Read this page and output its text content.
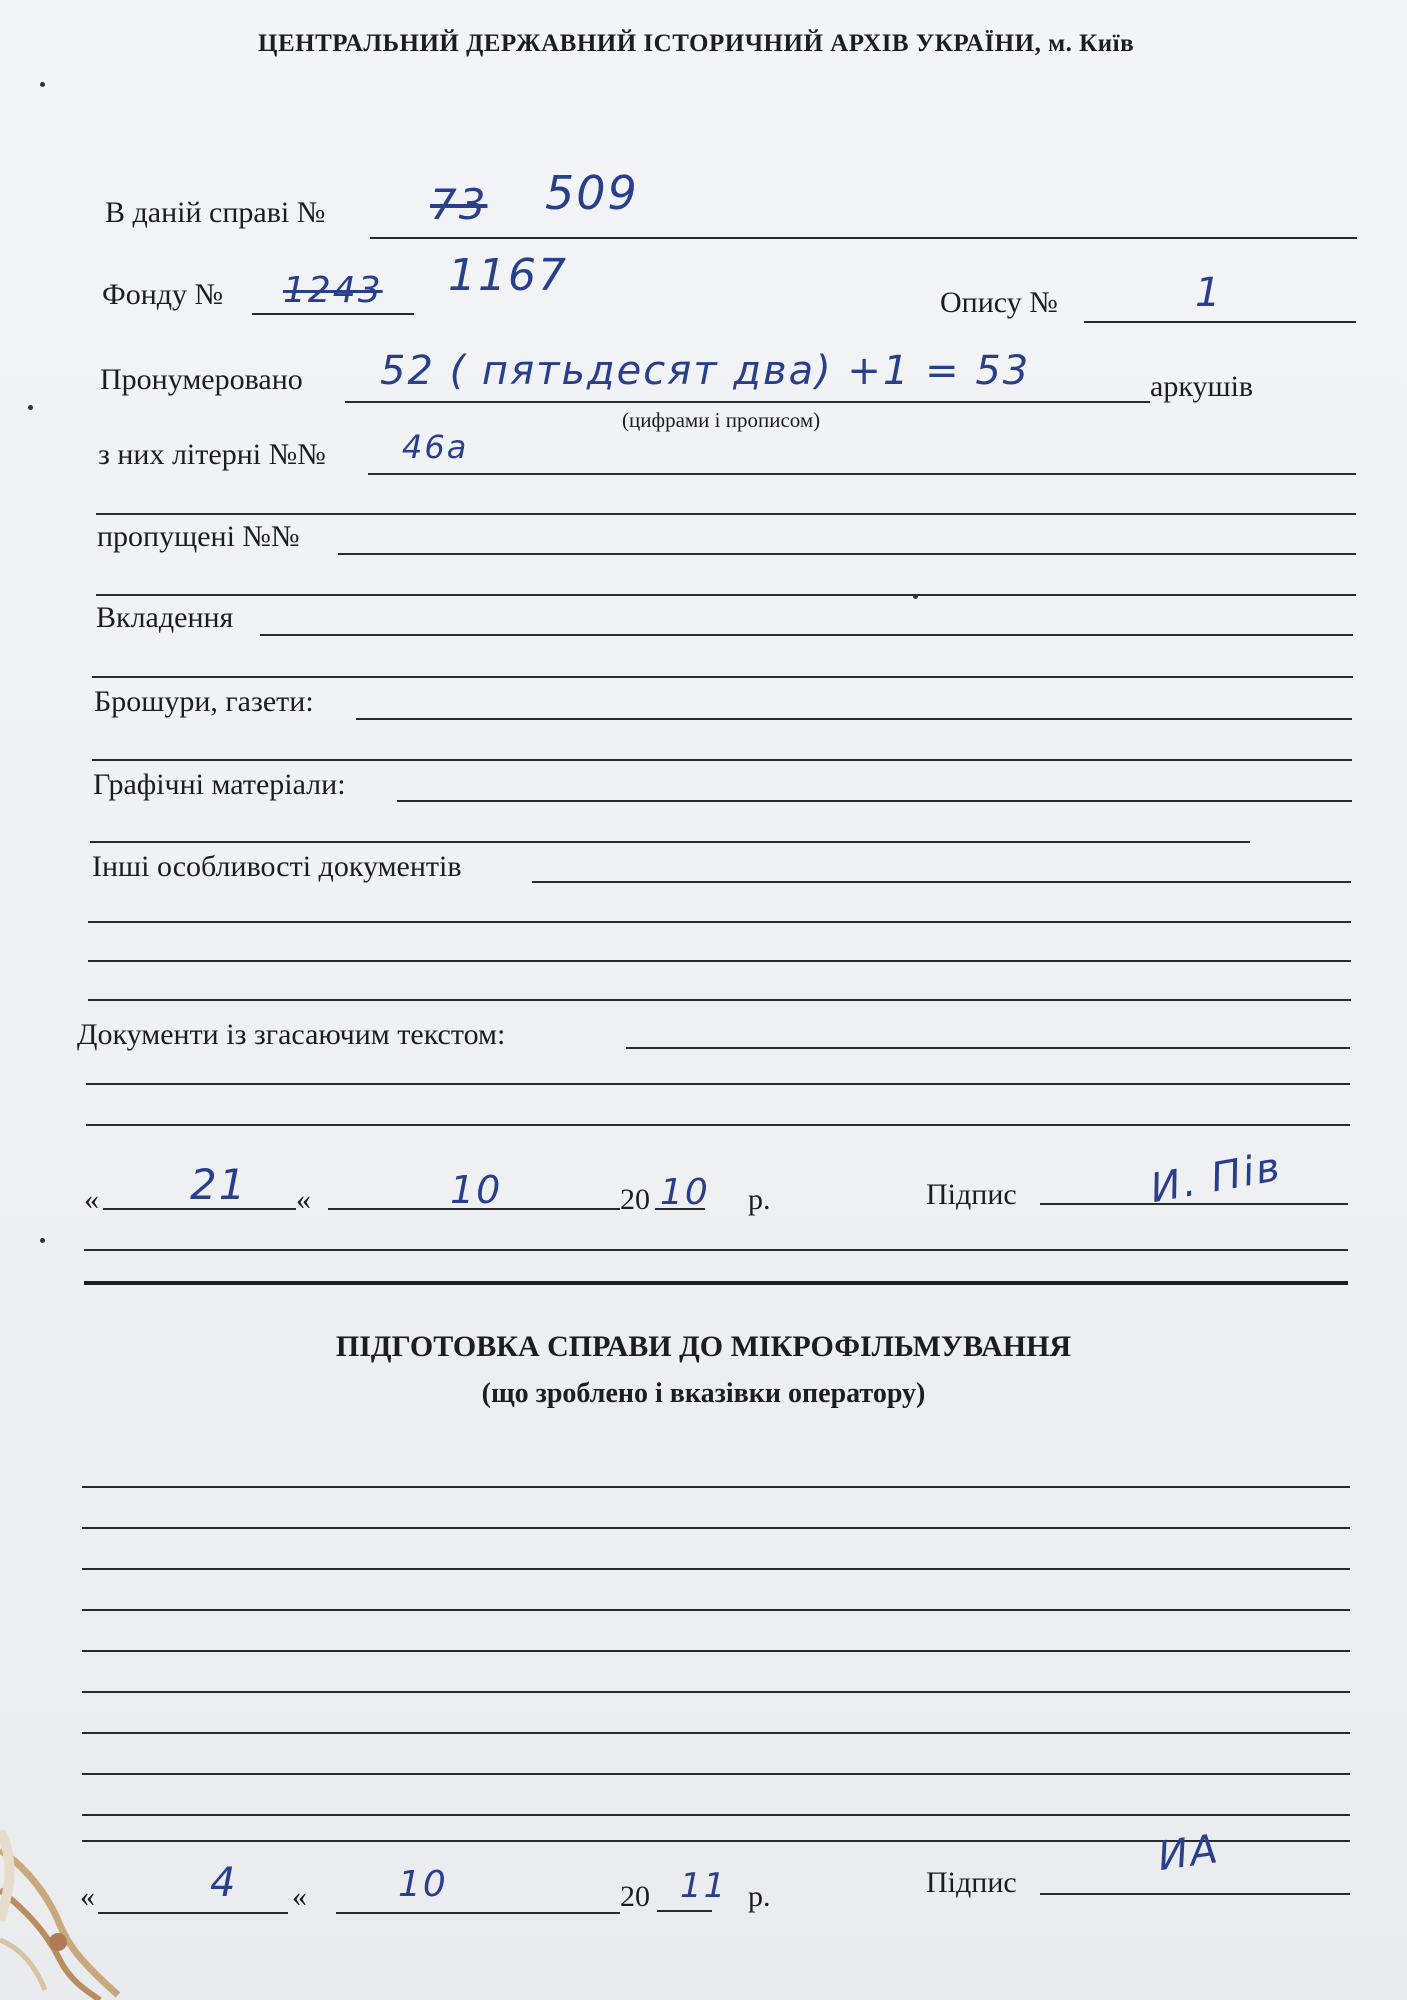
ЦЕНТРАЛЬНИЙ ДЕРЖАВНИЙ ІСТОРИЧНИЙ АРХІВ УКРАЇНИ, м. Київ
В даній справі № 73 509
Фонду № 1243 1167
Опису №	1
Пронумеровано 52 ( пятьдесят два) +1 = 53	аркушів
(цифрами і прописом)
з них літерні №№ 46а
пропущені №№
Вкладення
Брошури, газети:
Графічні матеріали:
Інші особливості документів
Документи із згасаючим текстом:
« 21 «	10	20 10 р.	Підпис	И. Пів
ПІДГОТОВКА СПРАВИ ДО МІКРОФІЛЬМУВАННЯ
(що зроблено і вказівки оператору)
«	4 «	10	20 11 р.	Підпис
ИА
